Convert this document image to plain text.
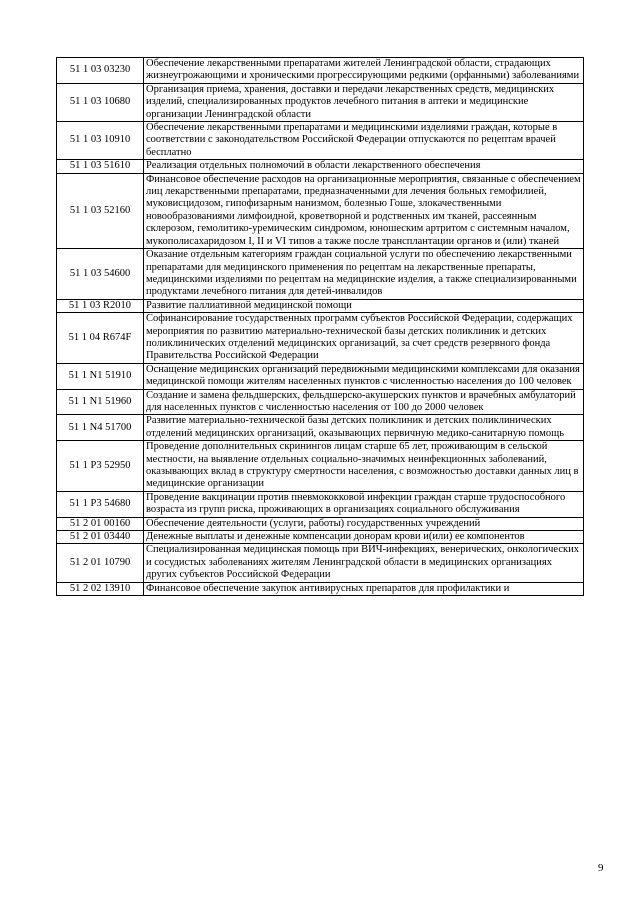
51 1 03 03230	Обеспечение лекарственными препаратами жителей Ленинградской области, страдающих жизнеугрожающими и хроническими прогрессирующими редкими (орфанными) заболеваниями
51 1 03 10680	Организация приема, хранения, доставки и передачи лекарственных средств, медицинских изделий, специализированных продуктов лечебного питания в аптеки и медицинские организации Ленинградской области
51 1 03 10910	Обеспечение лекарственными препаратами и медицинскими изделиями граждан, которые в соответствии с законодательством Российской Федерации отпускаются по рецептам врачей бесплатно
51 1 03 51610	Реализация отдельных полномочий в области лекарственного обеспечения
51 1 03 52160	Финансовое обеспечение расходов на организационные мероприятия, связанные с обеспечением лиц лекарственными препаратами, предназначенными для лечения больных гемофилией, муковисцидозом, гипофизарным нанизмом, болезнью Гоше, злокачественными новообразованиями лимфоидной, кроветворной и родственных им тканей, рассеянным склерозом, гемолитико-уремическим синдромом, юношеским артритом с системным началом, мукополисахаридозом I, II и VI типов а также после трансплантации органов и (или) тканей
51 1 03 54600	Оказание отдельным категориям граждан социальной услуги по обеспечению лекарственными препаратами для медицинского применения по рецептам на лекарственные препараты, медицинскими изделиями по рецептам на медицинские изделия, а также специализированными продуктами лечебного питания для детей-инвалидов
51 1 03 R2010	Развитие паллиативной медицинской помощи
51 1 04 R674F	Софинансирование государственных программ субъектов Российской Федерации, содержащих мероприятия по развитию материально-технической базы детских поликлиник и детских поликлинических отделений медицинских организаций, за счет средств резервного фонда Правительства Российской Федерации
51 1 N1 51910	Оснащение медицинских организаций передвижными медицинскими комплексами для оказания медицинской помощи жителям населенных пунктов с численностью населения до 100 человек
51 1 N1 51960	Создание и замена фельдшерских, фельдшерско-акушерских пунктов и врачебных амбулаторий для населенных пунктов с численностью населения от 100 до 2000 человек
51 1 N4 51700	Развитие материально-технической базы детских поликлиник и детских поликлинических отделений медицинских организаций, оказывающих первичную медико-санитарную помощь
51 1 P3 52950	Проведение дополнительных скринингов лицам старше 65 лет, проживающим в сельской местности, на выявление отдельных социально-значимых неинфекционных заболеваний, оказывающих вклад в структуру смертности населения, с возможностью доставки данных лиц в медицинские организации
51 1 P3 54680	Проведение вакцинации против пневмококковой инфекции граждан старше трудоспособного возраста из групп риска, проживающих в организациях социального обслуживания
51 2 01 00160	Обеспечение деятельности (услуги, работы) государственных учреждений
51 2 01 03440	Денежные выплаты и денежные компенсации донорам крови и(или) ее компонентов
51 2 01 10790	Специализированная медицинская помощь при ВИЧ-инфекциях, венерических, онкологических и сосудистых заболеваниях жителям Ленинградской области в медицинских организациях других субъектов Российской Федерации
51 2 02 13910	Финансовое обеспечение закупок антивирусных препаратов для профилактики и
9
